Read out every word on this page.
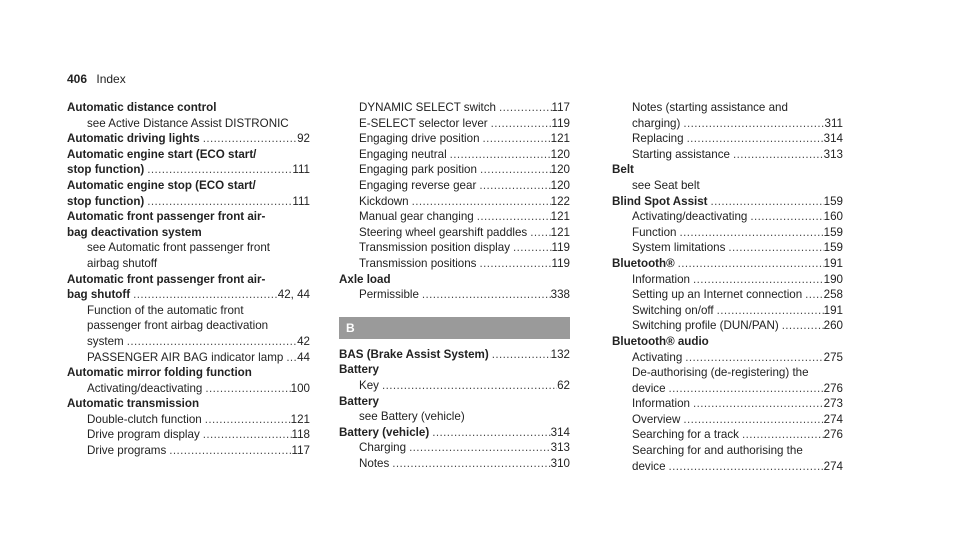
406 Index
Automatic distance control
see Active Distance Assist DISTRONIC
Automatic driving lights .....	92
Automatic engine start (ECO start/
stop function) .....	111
Automatic engine stop (ECO start/
stop function) .....	111
Automatic front passenger front air-
bag deactivation system
see Automatic front passenger front
airbag shutoff
Automatic front passenger front air-
bag shutoff .....	42, 44
Function of the automatic front
passenger front airbag deactivation
system .....	42
PASSENGER AIR BAG indicator lamp ..... 44
Automatic mirror folding function
Activating/deactivating .....	100
Automatic transmission
Double-clutch function .....	121
Drive program display .....	118
Drive programs .....	117
DYNAMIC SELECT switch .....	117
E-SELECT selector lever .....	119
Engaging drive position .....	121
Engaging neutral .....	120
Engaging park position .....	120
Engaging reverse gear .....	120
Kickdown .....	122
Manual gear changing .....	121
Steering wheel gearshift paddles ..... 121
Transmission position display .....	119
Transmission positions .....	119
Axle load
Permissible .....	338
B
BAS (Brake Assist System) .....	132
Battery
Key .....	62
Battery
see Battery (vehicle)
Battery (vehicle) .....	314
Charging .....	313
Notes .....	310
Notes (starting assistance and
charging) .....	311
Replacing .....	314
Starting assistance .....	313
Belt
see Seat belt
Blind Spot Assist .....	159
Activating/deactivating .....	160
Function .....	159
System limitations .....	159
Bluetooth® .....	191
Information .....	190
Setting up an Internet connection ..... 258
Switching on/off .....	191
Switching profile (DUN/PAN) .....	260
Bluetooth® audio
Activating .....	275
De-authorising (de-registering) the
device .....	276
Information .....	273
Overview .....	274
Searching for a track .....	276
Searching for and authorising the
device .....	274
